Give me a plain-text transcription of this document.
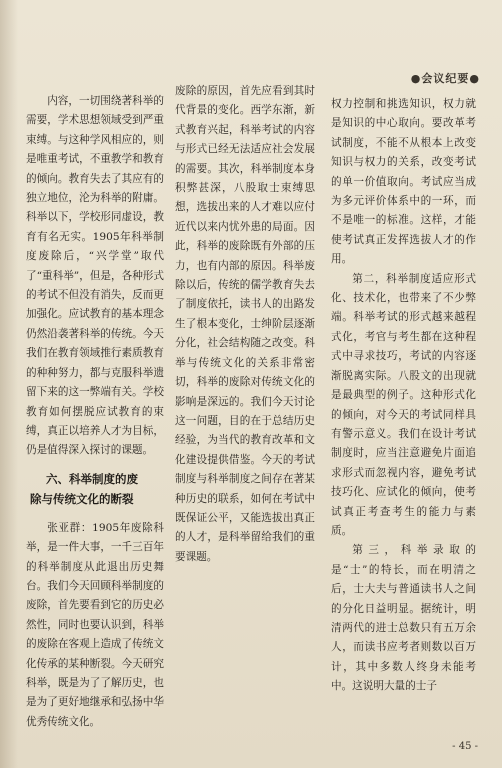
●会议纪要●

内容，一切围绕著科举的需要，学术思想领域受到严重束缚。与这种学风相应的，则是唯重考试，不重教学和教育的倾向。教育失去了其应有的独立地位，沦为科举的附庸。科举以下，学校形同虚设，教育有名无实。1905年科举制度废除后，“兴学堂”取代了“重科举”，但是，各种形式的考试不但没有消失，反而更加强化。应试教育的基本理念仍然沿袭著科举的传统。今天我们在教育领域推行素质教育的种种努力，都与克服科举遗留下来的这一弊端有关。学校教育如何摆脱应试教育的束缚，真正以培养人才为目标，仍是值得深入探讨的课题。

六、科举制度的废
除与传统文化的断裂

张亚群：1905年废除科举，是一件大事，一千三百年的科举制度从此退出历史舞台。我们今天回顾科举制度的废除，首先要看到它的历史必然性，同时也要认识到，科举的废除在客观上造成了传统文化传承的某种断裂。今天研究科举，既是为了了解历史，也是为了更好地继承和弘扬中华优秀传统文化。

废除的原因，首先应看到其时代背景的变化。西学东渐，新式教育兴起，科举考试的内容与形式已经无法适应社会发展的需要。其次，科举制度本身积弊甚深，八股取士束缚思想，选拔出来的人才难以应付近代以来内忧外患的局面。因此，科举的废除既有外部的压力，也有内部的原因。科举废除以后，传统的儒学教育失去了制度依托，读书人的出路发生了根本变化，士绅阶层逐渐分化，社会结构随之改变。科举与传统文化的关系非常密切，科举的废除对传统文化的影响是深远的。我们今天讨论这一问题，目的在于总结历史经验，为当代的教育改革和文化建设提供借鉴。今天的考试制度与科举制度之间存在著某种历史的联系，如何在考试中既保证公平，又能选拔出真正的人才，是科举留给我们的重要课题。

权力控制和挑选知识，权力就是知识的中心取向。要改革考试制度，不能不从根本上改变知识与权力的关系，改变考试的单一价值取向。考试应当成为多元评价体系中的一环，而不是唯一的标准。这样，才能使考试真正发挥选拔人才的作用。

第二，科举制度适应形式化、技术化，也带来了不少弊端。科举考试的形式越来越程式化，考官与考生都在这种程式中寻求技巧，考试的内容逐渐脱离实际。八股文的出现就是最典型的例子。这种形式化的倾向，对今天的考试同样具有警示意义。我们在设计考试制度时，应当注意避免片面追求形式而忽视内容，避免考试技巧化、应试化的倾向，使考试真正考查考生的能力与素质。

第三，科举录取的是“士”的特长，而在明清之后，士大夫与普通读书人之间的分化日益明显。据统计，明清两代的进士总数只有五万余人，而读书应考者则数以百万计，其中多数人终身未能考中。这说明大量的士子

- 45 -
